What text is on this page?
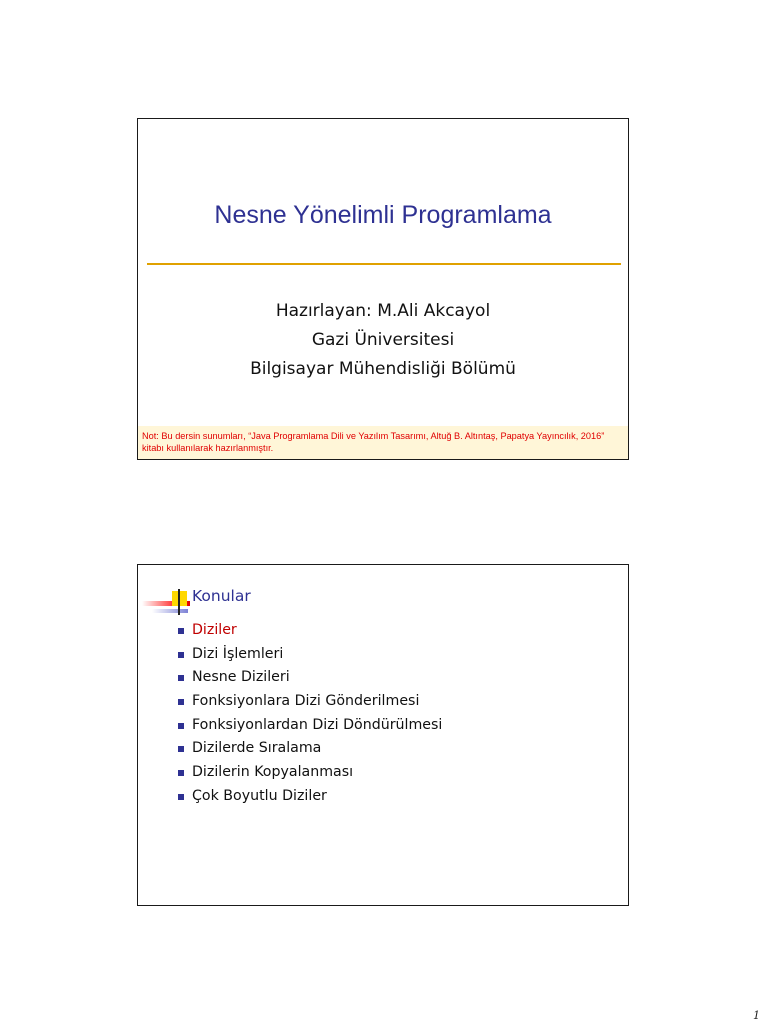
Nesne Yönelimli Programlama
Hazırlayan: M.Ali Akcayol
Gazi Üniversitesi
Bilgisayar Mühendisliği Bölümü
Not: Bu dersin sunumları, “Java Programlama Dili ve Yazılım Tasarımı, Altuğ B. Altıntaş, Papatya Yayıncılık, 2016” kitabı kullanılarak hazırlanmıştır.
Konular
Diziler
Dizi İşlemleri
Nesne Dizileri
Fonksiyonlara Dizi Gönderilmesi
Fonksiyonlardan Dizi Döndürülmesi
Dizilerde Sıralama
Dizilerin Kopyalanması
Çok Boyutlu Diziler
1
